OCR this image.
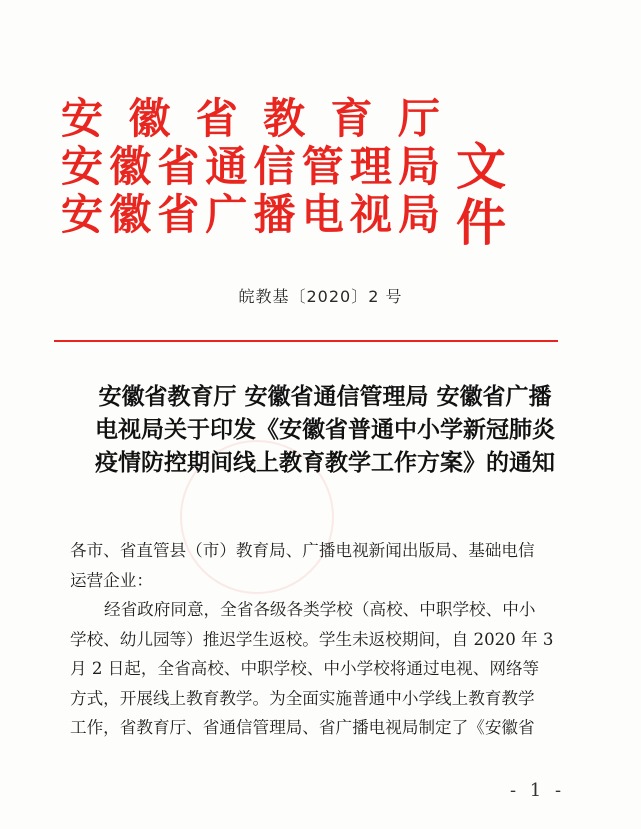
安 徽 省 教 育 厅
安 徽 省 通 信 管 理 局
安 徽 省 广 播 电 视 局
文件
皖教基〔2020〕2 号
安徽省教育厅 安徽省通信管理局 安徽省广播
电视局关于印发《安徽省普通中小学新冠肺炎
疫情防控期间线上教育教学工作方案》的通知
各市、省直管县（市）教育局、广播电视新闻出版局、基础电信
运营企业：
经省政府同意，全省各级各类学校（高校、中职学校、中小
学校、幼儿园等）推迟学生返校。学生未返校期间，自 2020 年 3
月 2 日起，全省高校、中职学校、中小学校将通过电视、网络等
方式，开展线上教育教学。为全面实施普通中小学线上教育教学
工作，省教育厅、省通信管理局、省广播电视局制定了《安徽省
- 1 -
